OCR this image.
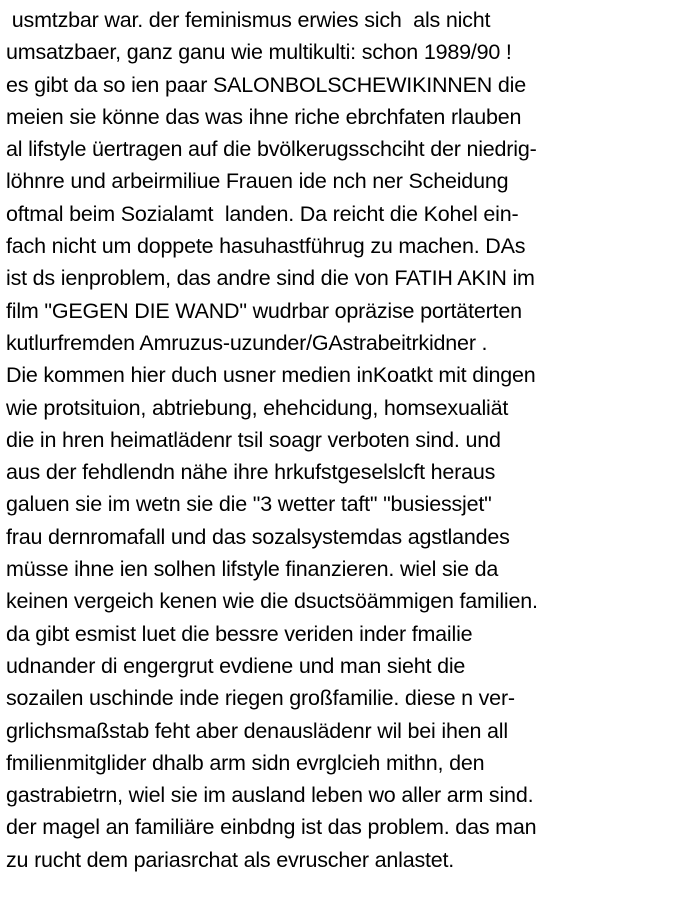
usmtzbar war. der feminismus erwies sich  als nicht
umsatzbaer, ganz ganu wie multikulti: schon 1989/90 !
es gibt da so ien paar SALONBOLSCHEWIKINNEN die
meien sie könne das was ihne riche ebrchfaten rlauben
al lifstyle üertragen auf die bvölkerugsschciht der niedrig-
löhnre und arbeirmiliue Frauen ide nch ner Scheidung
oftmal beim Sozialamt  landen. Da reicht die Kohel ein-
fach nicht um doppete hasuhastführug zu machen. DAs
ist ds ienproblem, das andre sind die von FATIH AKIN im
film "GEGEN DIE WAND" wudrbar opräzise portäterten
kutlurfremden Amruzus-uzunder/GAstrabeitrkidner .
Die kommen hier duch usner medien inKoatkt mit dingen
wie protsituion, abtriebung, ehehcidung, homsexualiät
die in hren heimatlädenr tsil soagr verboten sind. und
aus der fehdlendn nähe ihre hrkufstgeselslcft heraus
galuen sie im wetn sie die "3 wetter taft" "busiessjet"
frau dernromafall und das sozalsystemdas agstlandes
müsse ihne ien solhen lifstyle finanzieren. wiel sie da
keinen vergeich kenen wie die dsuctsöämmigen familien.
da gibt esmist luet die bessre veriden inder fmailie
udnander di engergrut evdiene und man sieht die
sozailen uschinde inde riegen großfamilie. diese n ver-
grlichsmaßstab feht aber denauslädenr wil bei ihen all
fmilienmitglider dhalb arm sidn evrglcieh mithn, den
gastrabietrn, wiel sie im ausland leben wo aller arm sind.
der magel an familiäre einbdng ist das problem. das man
zu rucht dem pariasrchat als evruscher anlastet.
